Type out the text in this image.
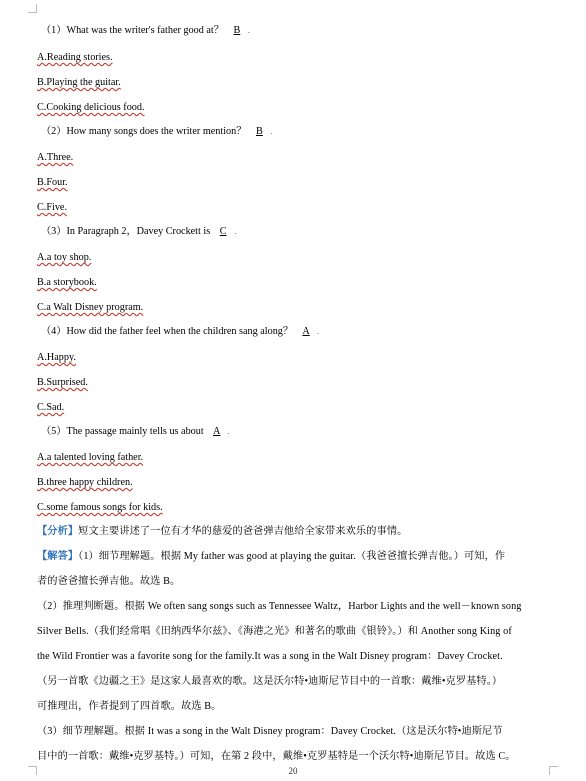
（1）What was the writer's father good at？ B .
A.Reading stories.
B.Playing the guitar.
C.Cooking delicious food.
（2）How many songs does the writer mention？ B .
A.Three.
B.Four.
C.Five.
（3）In Paragraph 2，Davey Crockett is C .
A.a toy shop.
B.a storybook.
C.a Walt Disney program.
（4）How did the father feel when the children sang along？ A .
A.Happy.
B.Surprised.
C.Sad.
（5）The passage mainly tells us about A .
A.a talented loving father.
B.three happy children.
C.some famous songs for kids.
【分析】短文主要讲述了一位有才华的慈爱的爸爸弹吉他给全家带来欢乐的事情。
【解答】（1）细节理解题。根据 My father was good at playing the guitar.（我爸爸擅长弹吉他。）可知，作
者的爸爸擅长弹吉他。故选 B。
（2）推理判断题。根据 We often sang songs such as Tennessee Waltz，Harbor Lights and the well－known song
Silver Bells.（我们经常唱《田纳西华尔兹》、《海港之光》和著名的歌曲《银铃》。）和 Another song King of
the Wild Frontier was a favorite song for the family.It was a song in the Walt Disney program：Davey Crocket.
（另一首歌《边疆之王》是这家人最喜欢的歌。这是沃尔特•迪斯尼节目中的一首歌：戴维•克罗基特。）
可推理出，作者提到了四首歌。故选 B。
（3）细节理解题。根据 It was a song in the Walt Disney program：Davey Crocket.（这是沃尔特•迪斯尼节
目中的一首歌：戴维•克罗基特。）可知，在第 2 段中，戴维•克罗基特是一个沃尔特•迪斯尼节目。故选 C。
20
